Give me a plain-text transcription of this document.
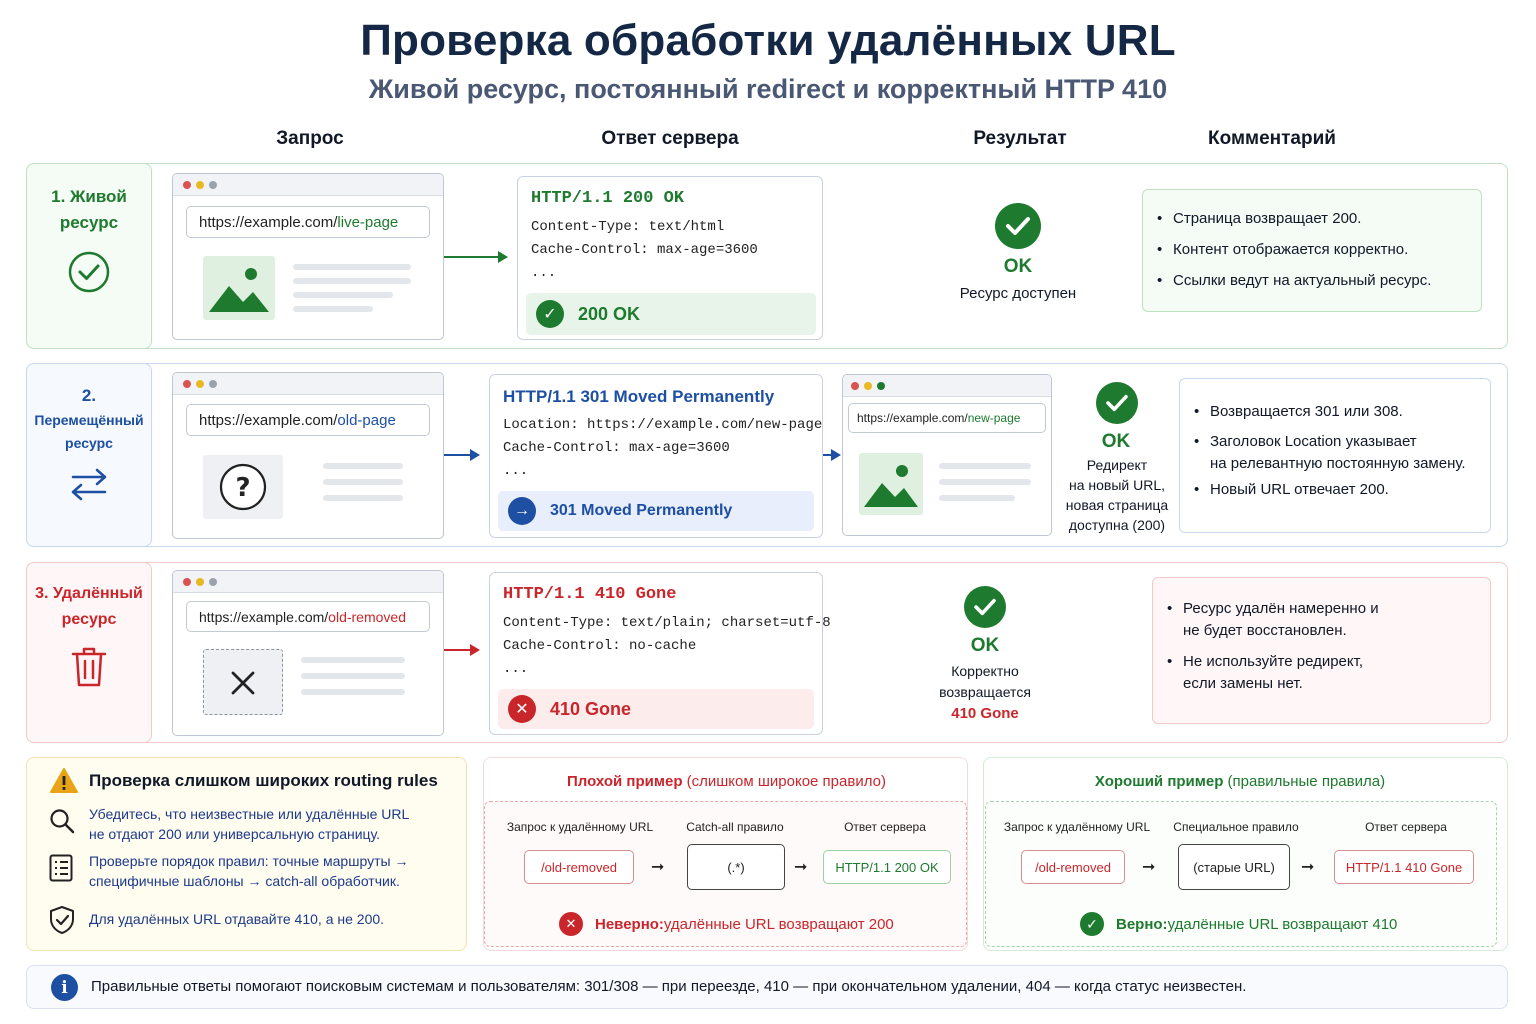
Проверка обработки удалённых URL
Живой ресурс, постоянный redirect и корректный HTTP 410
Запрос	Ответ сервера	Результат	Комментарий
1. Живой
ресурс	https://example.com/ live-page
HTTP/1.1 200 OK
Content-Type: text/html
Cache-Control: max-age=3600
...
✓	200 OK
OK
Ресурс доступен
• Страница возвращает 200.
• Контент отображается корректно.
• Ссылки ведут на актуальный ресурс.
2.
Перемещённый
ресурс
https://example.com/ old-page
?
HTTP/1.1 301 Moved Permanently
Location: https://example.com/new-page
Cache-Control: max-age=3600
...
→	301 Moved Permanently
https://example.com/ new-page
OK
Редирект
на новый URL,
новая страница
доступна (200)
• Возвращается 301 или 308.
• Заголовок Location указывает
на релевантную постоянную замену.
• Новый URL отвечает 200.
3. Удалённый
ресурс	https://example.com/ old-removed
HTTP/1.1 410 Gone
Content-Type: text/plain; charset=utf-8
Cache-Control: no-cache
...
✕	410 Gone
OK
Корректно
возвращается
410 Gone
• Ресурс удалён намеренно и
не будет восстановлен.
• Не используйте редирект,
если замены нет.
Проверка слишком широких routing rules
Убедитесь, что неизвестные или удалённые URL
не отдают 200 или универсальную страницу.
Проверьте порядок правил: точные маршруты →
специфичные шаблоны → catch-all обработчик.
Для удалённых URL отдавайте 410, а не 200.
Плохой пример (слишком широкое правило)
Запрос к удалённому URL	Catch-all правило	Ответ сервера
/old-removed	➞	(.*)	➞	HTTP/1.1 200 OK
✕	Неверно: удалённые URL возвращают 200
Хороший пример (правильные правила)
Запрос к удалённому URL	Специальное правило	Ответ сервера
/old-removed	➞	(старые URL)	➞	HTTP/1.1 410 Gone
✓	Верно: удалённые URL возвращают 410
i	Правильные ответы помогают поисковым системам и пользователям: 301/308 — при переезде, 410 — при окончательном удалении, 404 — когда статус неизвестен.
